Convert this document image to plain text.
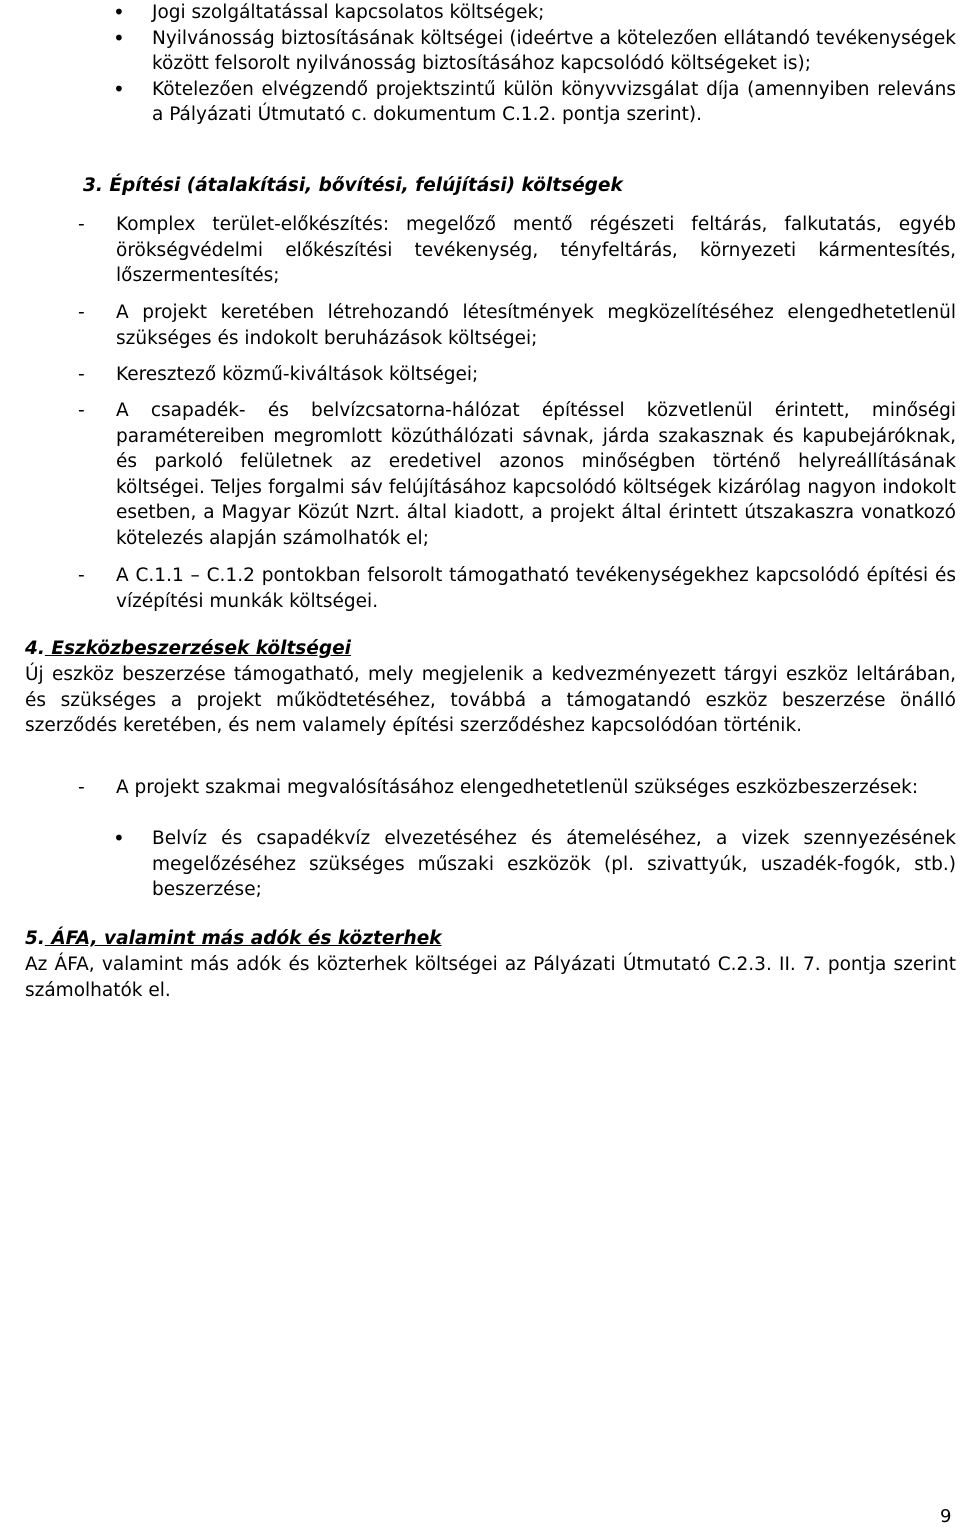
• Jogi szolgáltatással kapcsolatos költségek;
• Nyilvánosság biztosításának költségei (ideértve a kötelezően ellátandó tevékenységek között felsorolt nyilvánosság biztosításához kapcsolódó költségeket is);
• Kötelezően elvégzendő projektszintű külön könyvvizsgálat díja (amennyiben releváns a Pályázati Útmutató c. dokumentum C.1.2. pontja szerint).
3. Építési (átalakítási, bővítési, felújítási) költségek
- Komplex terület-előkészítés: megelőző mentő régészeti feltárás, falkutatás, egyéb örökségvédelmi előkészítési tevékenység, tényfeltárás, környezeti kármentesítés, lőszermentesítés;
- A projekt keretében létrehozandó létesítmények megközelítéséhez elengedhetetlenül szükséges és indokolt beruházások költségei;
- Keresztező közmű-kiváltások költségei;
- A csapadék- és belvízcsatorna-hálózat építéssel közvetlenül érintett, minőségi paramétereiben megromlott közúthálózati sávnak, járda szakasznak és kapubejáróknak, és parkoló felületnek az eredetivel azonos minőségben történő helyreállításának költségei. Teljes forgalmi sáv felújításához kapcsolódó költségek kizárólag nagyon indokolt esetben, a Magyar Közút Nzrt. által kiadott, a projekt által érintett útszakaszra vonatkozó kötelezés alapján számolhatók el;
- A C.1.1 – C.1.2 pontokban felsorolt támogatható tevékenységekhez kapcsolódó építési és vízépítési munkák költségei.
4. Eszközbeszerzések költségei
Új eszköz beszerzése támogatható, mely megjelenik a kedvezményezett tárgyi eszköz leltárában, és szükséges a projekt működtetéséhez, továbbá a támogatandó eszköz beszerzése önálló szerződés keretében, és nem valamely építési szerződéshez kapcsolódóan történik.
- A projekt szakmai megvalósításához elengedhetetlenül szükséges eszközbeszerzések:
• Belvíz és csapadékvíz elvezetéséhez és átemeléséhez, a vizek szennyezésének megelőzéséhez szükséges műszaki eszközök (pl. szivattyúk, uszadék-fogók, stb.) beszerzése;
5. ÁFA, valamint más adók és közterhek
Az ÁFA, valamint más adók és közterhek költségei az Pályázati Útmutató C.2.3. II. 7. pontja szerint számolhatók el.
9
